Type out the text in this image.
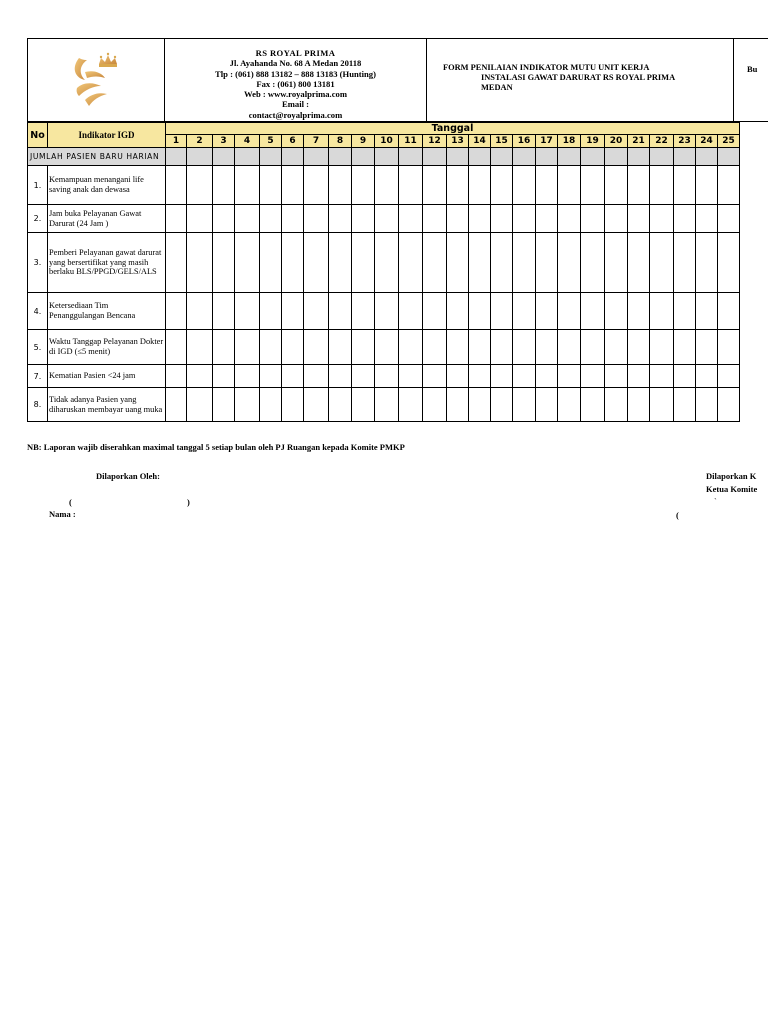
RS ROYAL PRIMA
Jl. Ayahanda No. 68 A Medan 20118
Tlp : (061) 888 13182 – 888 13183 (Hunting)
Fax : (061) 800 13181
Web : www.royalprima.com
Email :
contact@royalprima.com
FORM PENILAIAN INDIKATOR MUTU UNIT KERJA
INSTALASI GAWAT DARURAT RS ROYAL PRIMA
MEDAN
Bu
No	Indikator IGD	Tanggal																								
		1	2	3	4	5	6	7	8	9	10	11	12	13	14	15	16	17	18	19	20	21	22	23	24	25
JUMLAH PASIEN BARU HARIAN																										
1.	Kemampuan menangani life saving anak dan dewasa																									
2.	Jam buka Pelayanan Gawat Darurat (24 Jam )																									
3.	Pemberi Pelayanan gawat darurat yang bersertifikat yang masih berlaku BLS/PPGD/GELS/ALS																									
4.	Ketersediaan Tim Penanggulangan Bencana																									
5.	Waktu Tanggap Pelayanan Dokter di IGD (≤5 menit)																									
7.	Kematian Pasien <24 jam																									
8.	Tidak adanya Pasien yang diharuskan membayar uang muka																									
NB: Laporan wajib diserahkan maximal tanggal 5 setiap bulan oleh PJ Ruangan kepada Komite PMKP
Dilaporkan Oleh:
(	)
Nama :
Dilaporkan K
Ketua Komite
`
(
